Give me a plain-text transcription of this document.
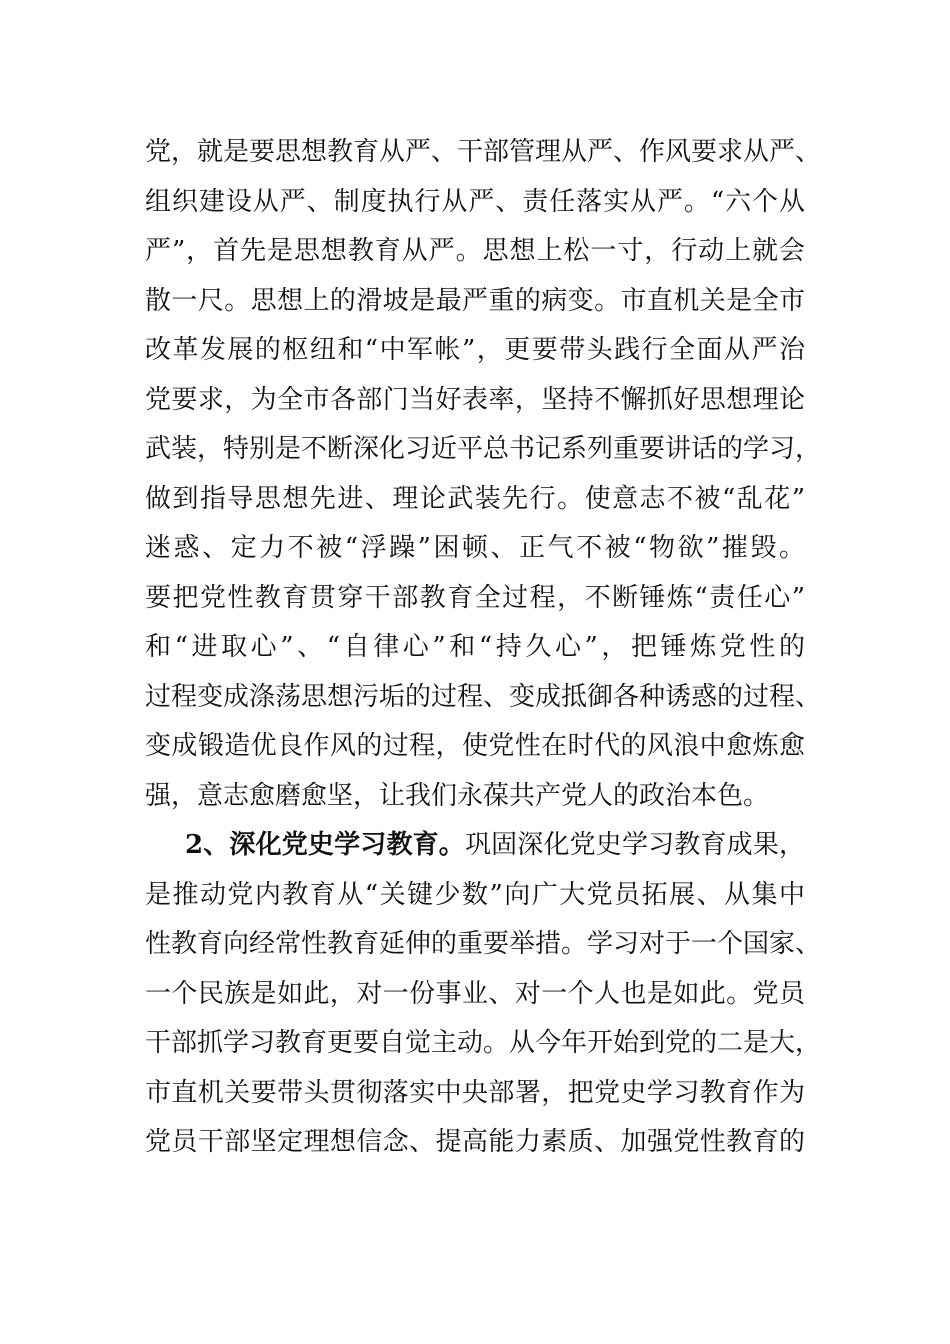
党，就是要思想教育从严、干部管理从严、作风要求从严、
组织建设从严、制度执行从严、责任落实从严。“六个从
严”，首先是思想教育从严。思想上松一寸，行动上就会
散一尺。思想上的滑坡是最严重的病变。市直机关是全市
改革发展的枢纽和“中军帐”，更要带头践行全面从严治
党要求，为全市各部门当好表率，坚持不懈抓好思想理论
武装，特别是不断深化习近平总书记系列重要讲话的学习，
做到指导思想先进、理论武装先行。使意志不被“乱花”
迷惑、定力不被“浮躁”困顿、正气不被“物欲”摧毁。
要把党性教育贯穿干部教育全过程，不断锤炼“责任心”
和“进取心”、“自律心”和“持久心”，把锤炼党性的
过程变成涤荡思想污垢的过程、变成抵御各种诱惑的过程、
变成锻造优良作风的过程，使党性在时代的风浪中愈炼愈
强，意志愈磨愈坚，让我们永葆共产党人的政治本色。
2、深化党史学习教育。巩固深化党史学习教育成果，
是推动党内教育从“关键少数”向广大党员拓展、从集中
性教育向经常性教育延伸的重要举措。学习对于一个国家、
一个民族是如此，对一份事业、对一个人也是如此。党员
干部抓学习教育更要自觉主动。从今年开始到党的二是大，
市直机关要带头贯彻落实中央部署，把党史学习教育作为
党员干部坚定理想信念、提高能力素质、加强党性教育的
